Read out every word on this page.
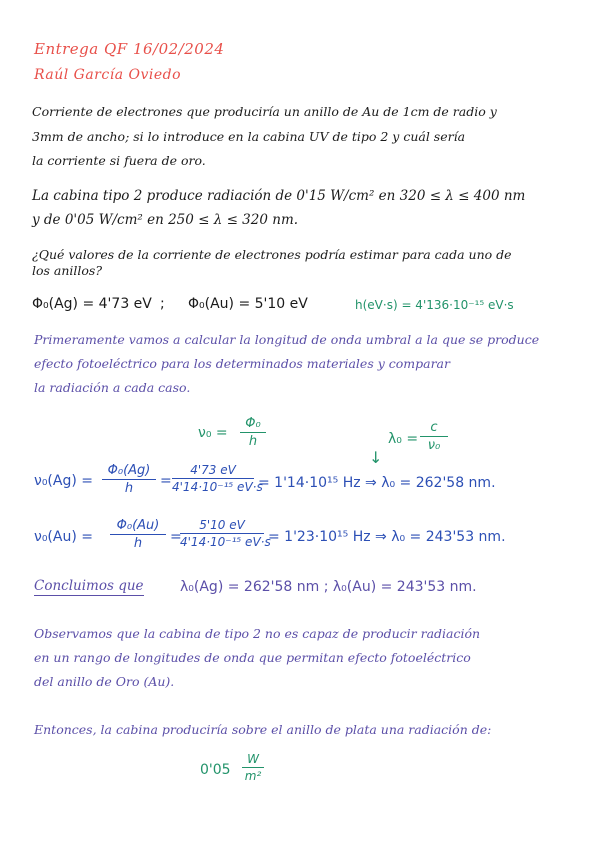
Entrega QF 16/02/2024
Raúl García Oviedo
Corriente de electrones que produciría un anillo de Au de 1cm de radio y
3mm de ancho; si lo introduce en la cabina UV de tipo 2 y cuál sería
la corriente si fuera de oro.
La cabina tipo 2 produce radiación de 0'15 W/cm² en 320 ≤ λ ≤ 400 nm
y de 0'05 W/cm² en 250 ≤ λ ≤ 320 nm.
¿Qué valores de la corriente de electrones podría estimar para cada uno de
los anillos?
Φ₀(Ag) = 4'73 eV ; Φ₀(Au) = 5'10 eV	h(eV·s) = 4'136·10⁻¹⁵ eV·s
Primeramente vamos a calcular la longitud de onda umbral a la que se produce
efecto fotoeléctrico para los determinados materiales y comparar
la radiación a cada caso.
ν₀ =
Φ₀
h	λ₀ =
c
ν₀
↓
ν₀(Ag) =
Φ₀(Ag)
h	=
4'73 eV
4'14·10⁻¹⁵ eV·s
= 1'14·10¹⁵ Hz ⇒ λ₀ = 262'58 nm.
ν₀(Au) =
Φ₀(Au)
h	=
5'10 eV
4'14·10⁻¹⁵ eV·s
= 1'23·10¹⁵ Hz ⇒ λ₀ = 243'53 nm.
Concluimos que	λ₀(Ag) = 262'58 nm ; λ₀(Au) = 243'53 nm.
Observamos que la cabina de tipo 2 no es capaz de producir radiación
en un rango de longitudes de onda que permitan efecto fotoeléctrico
del anillo de Oro (Au).
Entonces, la cabina produciría sobre el anillo de plata una radiación de:
0'05
W
m²
